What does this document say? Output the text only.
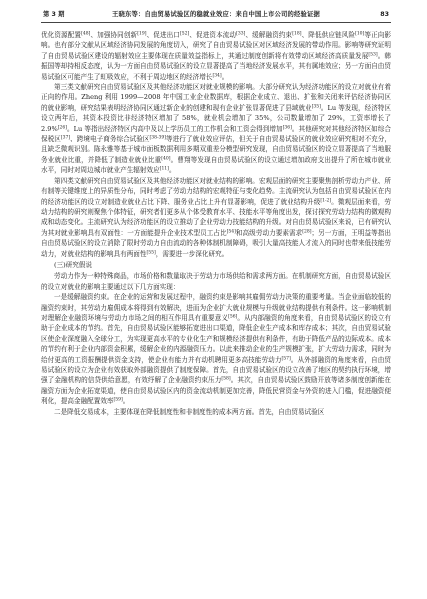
第 3 期	王晓东等：自由贸易试验区的稳就业效应：来自中国上市公司的经验证据	83

优化资源配置[48]、加强协同创新[19]、促进出口[52]、促进资本流动[33]、缓解融资约束[18]、降低供应链风险[10]等正向影响。也有部分文献从区域经济协同发展的角度切入，研究了自由贸易试验区对区域经济发展的带动作用。影响等研究证明了自由贸易试验区建设的辐射效应主要体现在质量效益指标上，其通过制度创新将有效带动区域经济高质量发展[53]。韩振国等却持相反态度，认为一方面自由贸易试验区的设立显著提高了当地经济发展水平，其有属地效应；另一方面自由贸易试验区可能产生了虹吸效应，不利于周边地区的经济增长[34]。

第三类文献研究自由贸易试验区及其他经济功能区对就业规模的影响。大部分研究认为经济功能区的设立对就业有着正向的作用。Zheng 利用 1999—2008 年中国工业企业数据库，根据企业成立、退出、扩张和关闭来评估经济协同区的就业影响，研究结果表明经济协同区通过新企业的创建和现有企业扩张显著促进了县域就业[35]。Lu 等发现，经济特区设立两年后，其资本投资比非经济特区增加了 58%，就业机会增加了 35%，公司数量增加了 29%，工资率增长了 2.9%[26]。Lu 等指出经济特区内高中及以上学历员工的工作机会和工资会得到增加[36]。其他研究对其他经济特区如综合保税区[37]、跨境电子商务综合试验区[38-39]等进行了就业效应评估，但关于自由贸易试验区的就业效应研究相对不充分，且缺乏微观识别。陈永雅等基于城市面板数据利用多期双重差分模型研究发现，自由贸易试验区的设立显著提高了当地服务业就业比重，并降低了制造业就业比重[40]。曹翔等发现自由贸易试验区的设立通过增加政府支出提升了所在城市就业水平，同时对周边城市就业产生辐射效应[11]。

第四类文献研究自由贸易试验区及其他经济功能区对就业结构的影响。宏观层面的研究主要聚焦剖析劳动力产业、所有制等关键维度上的异质性分布，同时考虑了劳动力结构的宏观特征与变化趋势。主流研究认为包括自由贸易试验区在内的经济功能区的设立对制造业就业占比下降、服务业占比上升有显著影响，促进了就业结构升级[1-2]。微观层面来看，劳动力结构的研究则聚焦个体特征，研究者们更多从个体受教育水平、技能水平等角度出发，探讨探究劳动力结构的微观构成和动态变化。主流研究认为经济功能区的设立推动了企业劳动力技能结构的升级。对自由贸易试验区来说，已有研究认为其对就业影响具有双面性：一方面能提升企业技术型员工占比[54]和高级劳动力要素需求[28]；另一方面，王明益等指出自由贸易试验区的设立消除了限时劳动力自由流动的各种体制机制障碍，吸引大量高技能人才流入的同时也带来低技能劳动力，对就业结构的影响具有两面性[55]，需要进一步深化研究。

(三)研究假说

劳动力作为一种特殊商品，市场价格和数量取决于劳动力市场供给和需求两方面。在机制研究方面，自由贸易试验区的设立对就业的影响主要通过以下几方面实现：

一是缓解融资约束。在企业的运营和发展过程中，融资约束是影响其雇佣劳动力决策的重要考量。当企业面临较低的融资约束时，其劳动力雇佣成本将得到有效解决，进而为企业扩大就业规模与升级就业结构提供有利条件。这一影响机制对理解企业融资环境与劳动力市场之间的相互作用具有重要意义[56]。从内部融资的角度来看，自由贸易试验区的设立有助于企业成本的节约。首先，自由贸易试验区能够拓宽进出口渠道，降低企业生产成本和库存成本；其次，自由贸易试验区使企业深度融入全球分工，为实现更高水平的专业化生产和规模经济提供有利条件，有助于降低产品的边际成本。成本的节约有利于企业内部资金积累，缓解企业的内源融资压力。以此来推动企业的生产规模扩张，扩大劳动力需求，同时为给付更高的工资报酬提供资金支持，使企业有能力并有动机聘用更多高技能劳动力[57]。从外部融资的角度来看，自由贸易试验区的设立为企业有效获取外部融资提供了制度保障。首先，自由贸易试验区的设立改善了地区的契约执行环境，增强了金融机构的信贷供给意愿，有效纾解了企业融资约束压力[58]。其次，自由贸易试验区鼓励开放等诸多制度创新能在融资方面为企业拓宽渠道，使自由贸易试验区内的资金流动机制更加完善，降低民营资金与外资的进入门槛，促进融资便利化，提高金融配置效率[59]。

二是降低交易成本，主要体现在降低制度性和非制度性的成本两方面。首先，自由贸易试验区
